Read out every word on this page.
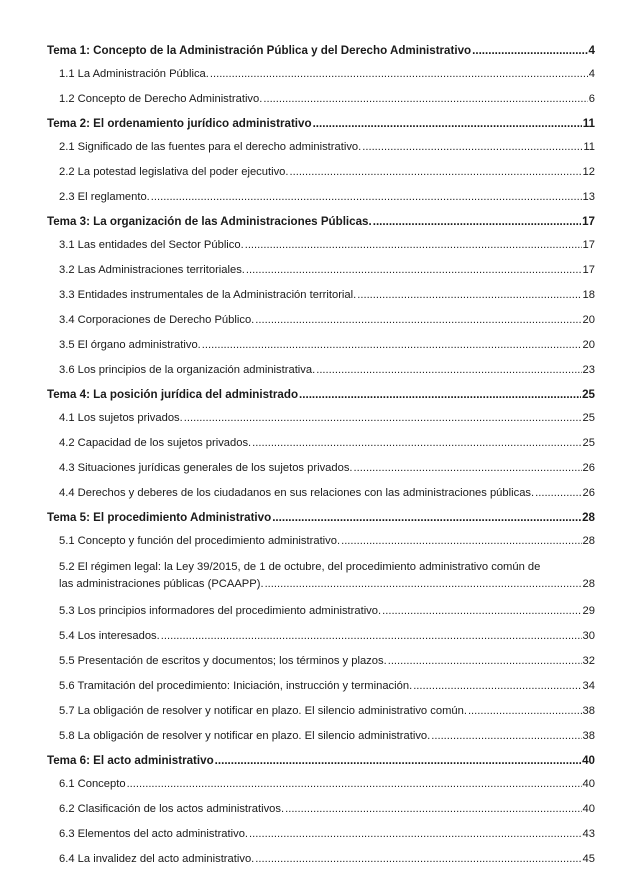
Tema 1: Concepto de la Administración Pública y del Derecho Administrativo .....	4
1.1 La Administración Pública. .....	4
1.2 Concepto de Derecho Administrativo. .....	6
Tema 2: El ordenamiento jurídico administrativo .....	11
2.1 Significado de las fuentes para el derecho administrativo. .....	11
2.2 La potestad legislativa del poder ejecutivo. .....	12
2.3 El reglamento. .....	13
Tema 3: La organización de las Administraciones Públicas. .....	17
3.1 Las entidades del Sector Público. .....	17
3.2 Las Administraciones territoriales. .....	17
3.3 Entidades instrumentales de la Administración territorial. .....	18
3.4 Corporaciones de Derecho Público. .....	20
3.5 El órgano administrativo. .....	20
3.6 Los principios de la organización administrativa. .....	23
Tema 4: La posición jurídica del administrado .....	25
4.1 Los sujetos privados. .....	25
4.2 Capacidad de los sujetos privados. .....	25
4.3 Situaciones jurídicas generales de los sujetos privados. .....	26
4.4 Derechos y deberes de los ciudadanos en sus relaciones con las administraciones públicas. .....	26
Tema 5: El procedimiento Administrativo .....	28
5.1 Concepto y función del procedimiento administrativo. .....	28
5.2 El régimen legal: la Ley 39/2015, de 1 de octubre, del procedimiento administrativo común de
las administraciones públicas (PCAAPP). .....	28
5.3 Los principios informadores del procedimiento administrativo. .....	29
5.4 Los interesados. .....	30
5.5 Presentación de escritos y documentos; los términos y plazos. .....	32
5.6 Tramitación del procedimiento: Iniciación, instrucción y terminación. .....	34
5.7 La obligación de resolver y notificar en plazo. El silencio administrativo común. .....	38
5.8 La obligación de resolver y notificar en plazo. El silencio administrativo. .....	38
Tema 6: El acto administrativo .....	40
6.1 Concepto .....	40
6.2 Clasificación de los actos administrativos. .....	40
6.3 Elementos del acto administrativo. .....	43
6.4 La invalidez del acto administrativo. .....	45
